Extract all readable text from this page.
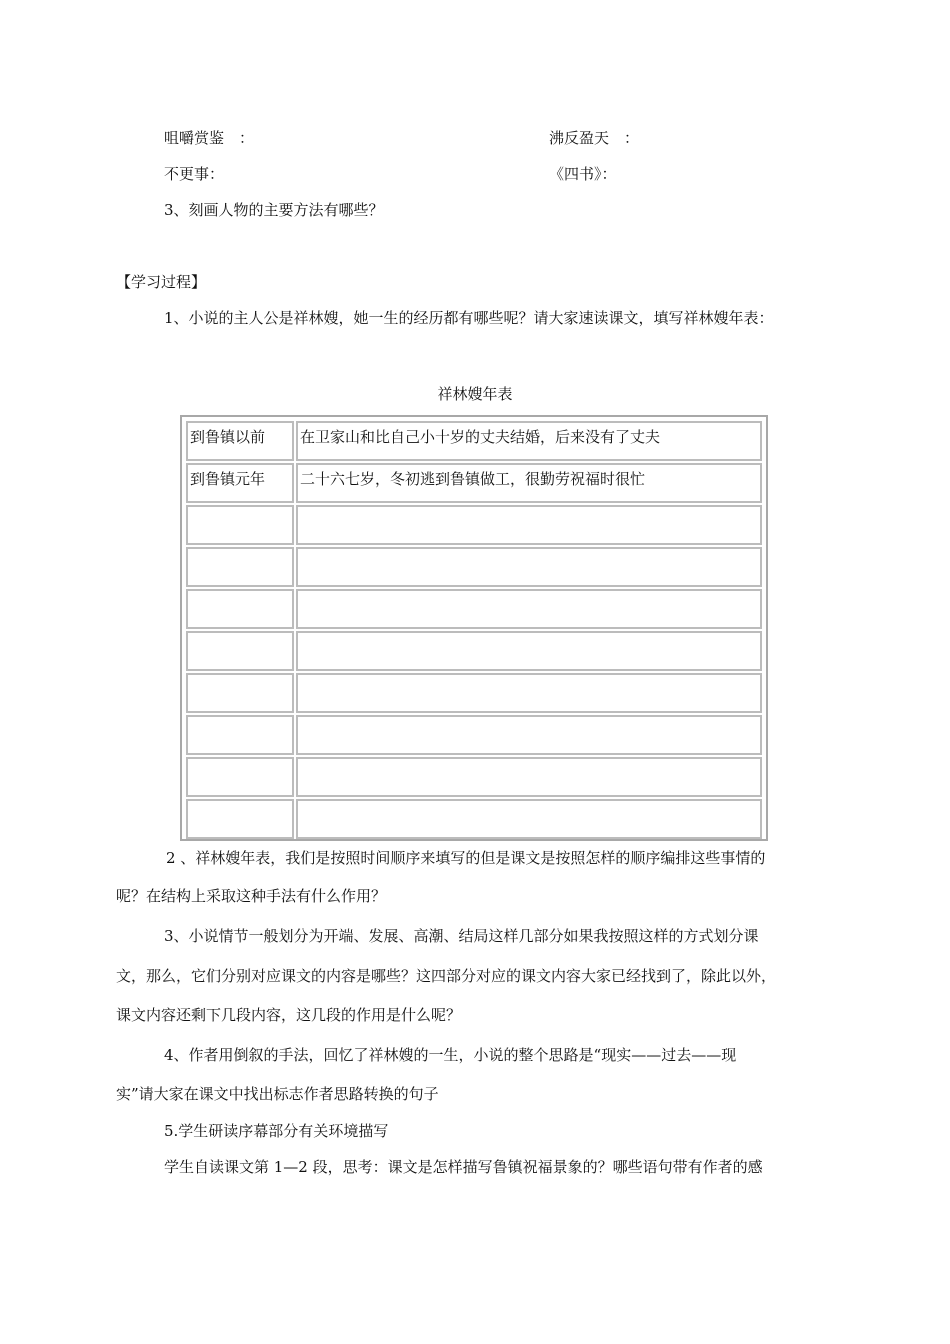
咀嚼赏鉴　：	沸反盈天　：
不更事：	《四书》：
3、刻画人物的主要方法有哪些？
【学习过程】
1、小说的主人公是祥林嫂，她一生的经历都有哪些呢？请大家速读课文，填写祥林嫂年表：
祥林嫂年表
到鲁镇以前	在卫家山和比自己小十岁的丈夫结婚，后来没有了丈夫
到鲁镇元年	二十六七岁，冬初逃到鲁镇做工，很勤劳祝福时很忙

2 、祥林嫂年表，我们是按照时间顺序来填写的但是课文是按照怎样的顺序编排这些事情的
呢？在结构上采取这种手法有什么作用？
3、小说情节一般划分为开端、发展、高潮、结局这样几部分如果我按照这样的方式划分课
文，那么，它们分别对应课文的内容是哪些？这四部分对应的课文内容大家已经找到了，除此以外，
课文内容还剩下几段内容，这几段的作用是什么呢？
4、作者用倒叙的手法，回忆了祥林嫂的一生，小说的整个思路是“现实——过去——现
实”请大家在课文中找出标志作者思路转换的句子
5.学生研读序幕部分有关环境描写
学生自读课文第 1—2 段，思考：课文是怎样描写鲁镇祝福景象的？哪些语句带有作者的感
